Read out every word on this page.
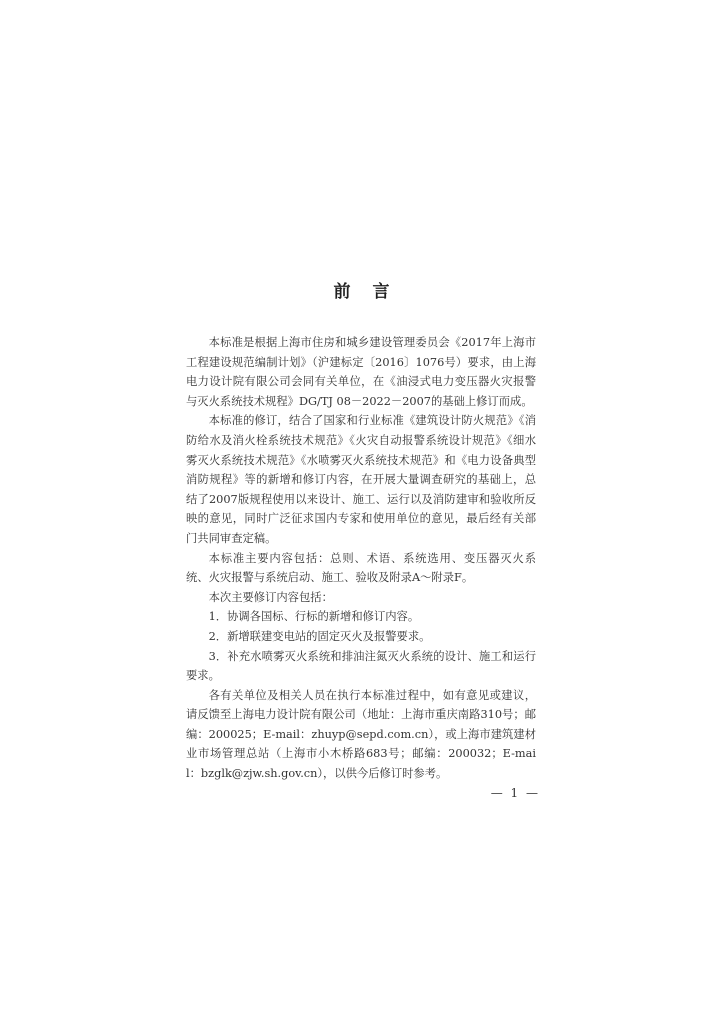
前言

本标准是根据上海市住房和城乡建设管理委员会《2017年上海市工程建设规范编制计划》（沪建标定〔2016〕1076号）要求，由上海电力设计院有限公司会同有关单位，在《油浸式电力变压器火灾报警与灭火系统技术规程》DG/TJ 08－2022－2007的基础上修订而成。

本标准的修订，结合了国家和行业标准《建筑设计防火规范》《消防给水及消火栓系统技术规范》《火灾自动报警系统设计规范》《细水雾灭火系统技术规范》《水喷雾灭火系统技术规范》和《电力设备典型消防规程》等的新增和修订内容，在开展大量调查研究的基础上，总结了2007版规程使用以来设计、施工、运行以及消防建审和验收所反映的意见，同时广泛征求国内专家和使用单位的意见，最后经有关部门共同审查定稿。

本标准主要内容包括：总则、术语、系统选用、变压器灭火系统、火灾报警与系统启动、施工、验收及附录A～附录F。

本次主要修订内容包括：

1．协调各国标、行标的新增和修订内容。

2．新增联建变电站的固定灭火及报警要求。

3．补充水喷雾灭火系统和排油注氮灭火系统的设计、施工和运行要求。

各有关单位及相关人员在执行本标准过程中，如有意见或建议，请反馈至上海电力设计院有限公司（地址：上海市重庆南路310号；邮编：200025；E-mail：zhuyp@sepd.com.cn），或上海市建筑建材业市场管理总站（上海市小木桥路683号；邮编：200032；E-mail：bzglk@zjw.sh.gov.cn），以供今后修订时参考。

— 1 —
